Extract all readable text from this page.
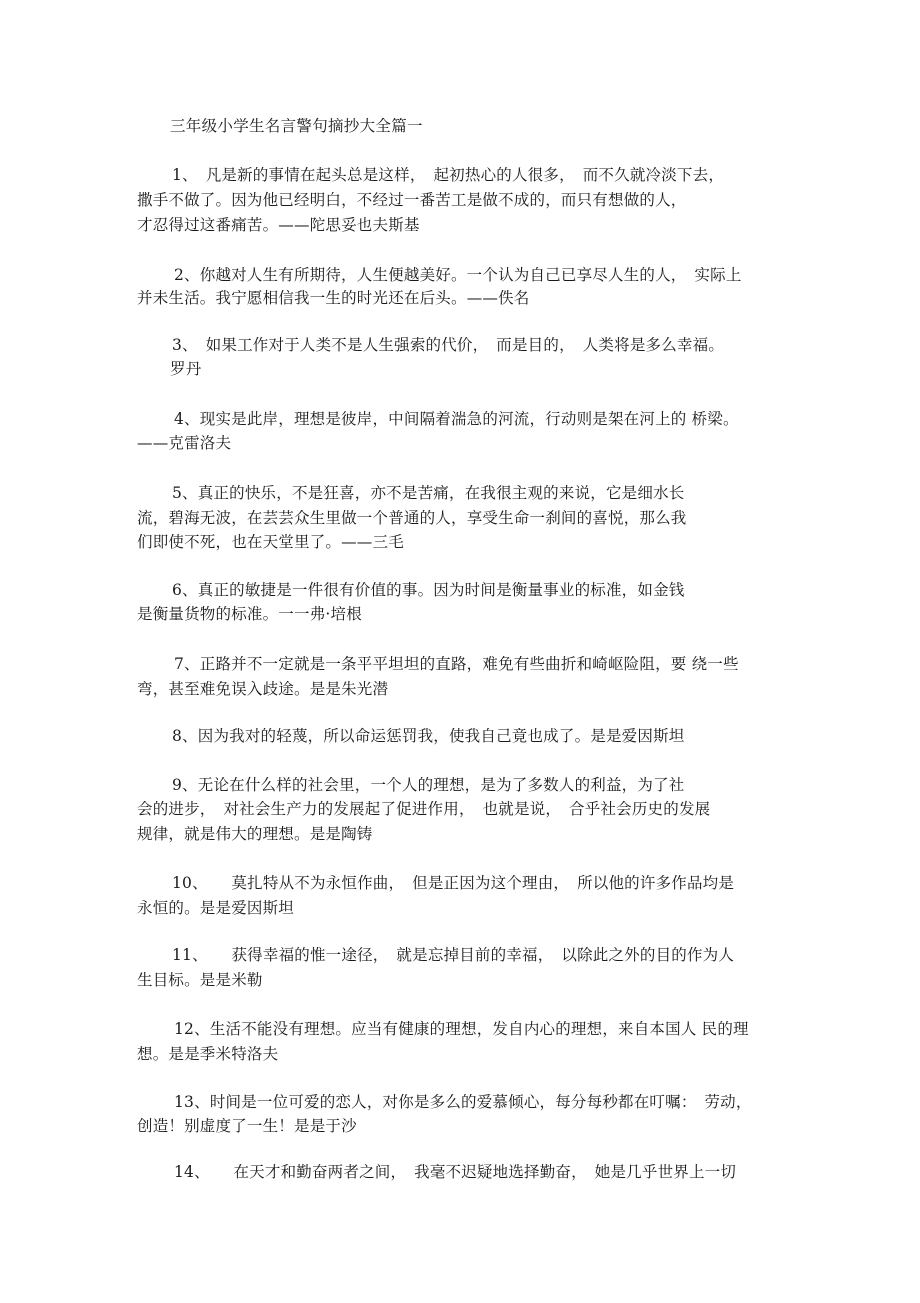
三年级小学生名言警句摘抄大全篇一
1、　凡是新的事情在起头总是这样，　起初热心的人很多，　而不久就冷淡下去，
撒手不做了。因为他已经明白，不经过一番苦工是做不成的，而只有想做的人，
才忍得过这番痛苦。——陀思妥也夫斯基
2、你越对人生有所期待，人生便越美好。一个认为自己已享尽人生的人，　实际上
并未生活。我宁愿相信我一生的时光还在后头。——佚名
3、　如果工作对于人类不是人生强索的代价，　而是目的，　人类将是多么幸福。
罗丹
4、现实是此岸，理想是彼岸，中间隔着湍急的河流，行动则是架在河上的 桥梁。
——克雷洛夫
5、真正的快乐，不是狂喜，亦不是苦痛，在我很主观的来说，它是细水长
流，碧海无波，在芸芸众生里做一个普通的人，享受生命一刹间的喜悦，那么我
们即使不死，也在天堂里了。——三毛
6、真正的敏捷是一件很有价值的事。因为时间是衡量事业的标准，如金钱
是衡量货物的标准。一一弗·培根
7、正路并不一定就是一条平平坦坦的直路，难免有些曲折和崎岖险阻，要 绕一些
弯，甚至难免误入歧途。是是朱光潜
8、因为我对的轻蔑，所以命运惩罚我，使我自己竟也成了。是是爱因斯坦
9、无论在什么样的社会里，一个人的理想，是为了多数人的利益，为了社
会的进步，　对社会生产力的发展起了促进作用，　也就是说，　合乎社会历史的发展
规律，就是伟大的理想。是是陶铸
10、　　莫扎特从不为永恒作曲，　但是正因为这个理由，　所以他的许多作品均是
永恒的。是是爱因斯坦
11、　　获得幸福的惟一途径，　就是忘掉目前的幸福，　以除此之外的目的作为人
生目标。是是米勒
12、生活不能没有理想。应当有健康的理想，发自内心的理想，来自本国人 民的理
想。是是季米特洛夫
13、时间是一位可爱的恋人，对你是多么的爱慕倾心，每分每秒都在叮嘱：　劳动，
创造！别虚度了一生！是是于沙
14、　　在天才和勤奋两者之间，　我毫不迟疑地选择勤奋，　她是几乎世界上一切
